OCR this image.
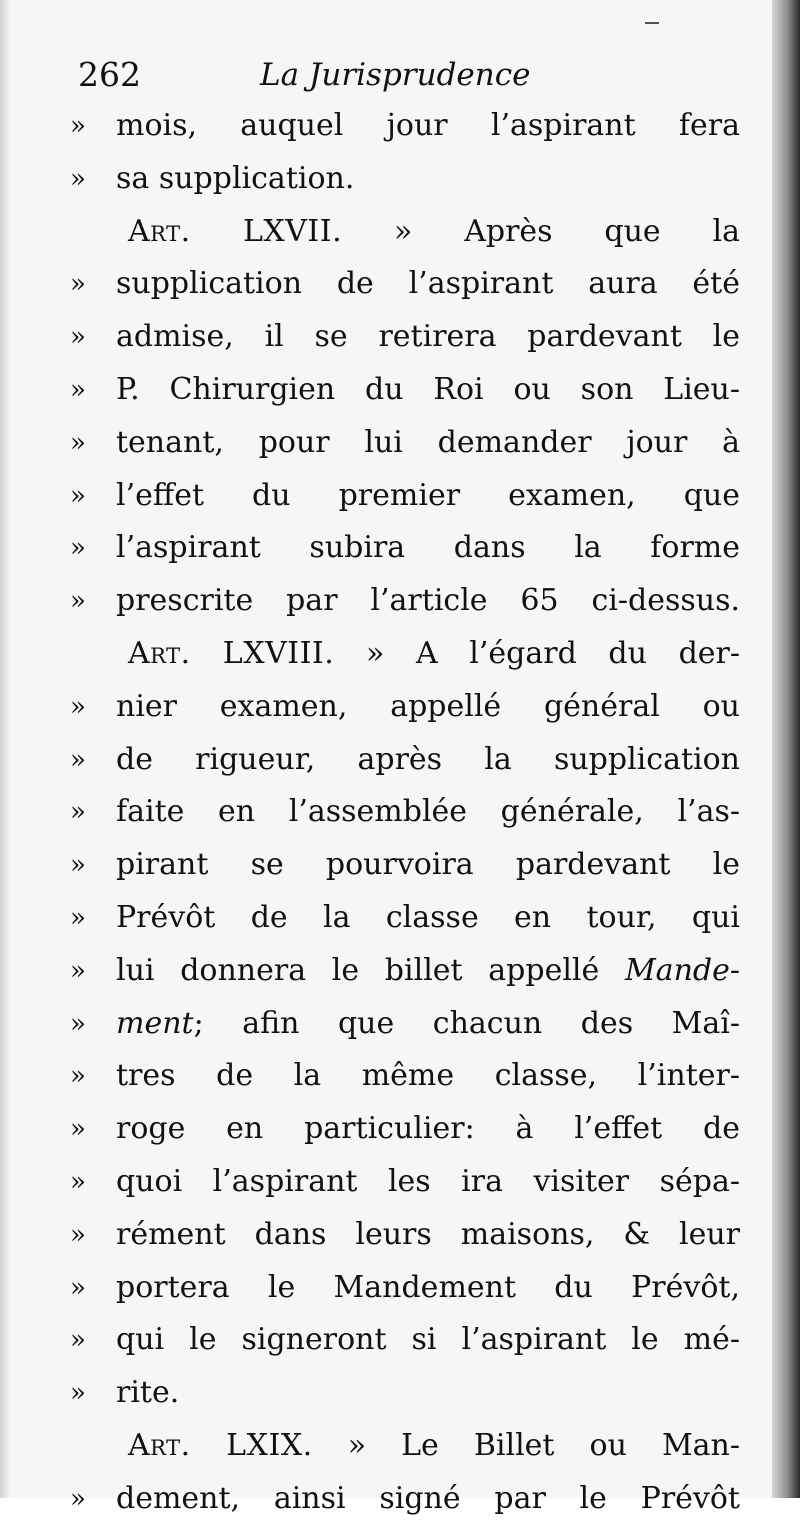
262	La Jurisprudence
»	mois, auquel jour l’aspirant fera
»	sa supplication.
Art. LXVII. » Après que la
»	supplication de l’aspirant aura été
»	admise, il se retirera pardevant le
»	P. Chirurgien du Roi ou son Lieu-
»	tenant, pour lui demander jour à
»	l’effet du premier examen, que
»	l’aspirant subira dans la forme
»	prescrite par l’article 65 ci-dessus.
Art. LXVIII. » A l’égard du der-
»	nier examen, appellé général ou
»	de rigueur, après la supplication
»	faite en l’assemblée générale, l’as-
»	pirant se pourvoira pardevant le
»	Prévôt de la classe en tour, qui
»	lui donnera le billet appellé Mande-
»	ment; afin que chacun des Maî-
»	tres de la même classe, l’inter-
»	roge en particulier: à l’effet de
»	quoi l’aspirant les ira visiter sépa-
»	rément dans leurs maisons, & leur
»	portera le Mandement du Prévôt,
»	qui le signeront si l’aspirant le mé-
»	rite.
Art. LXIX. » Le Billet ou Man-
»	dement, ainsi signé par le Prévôt
